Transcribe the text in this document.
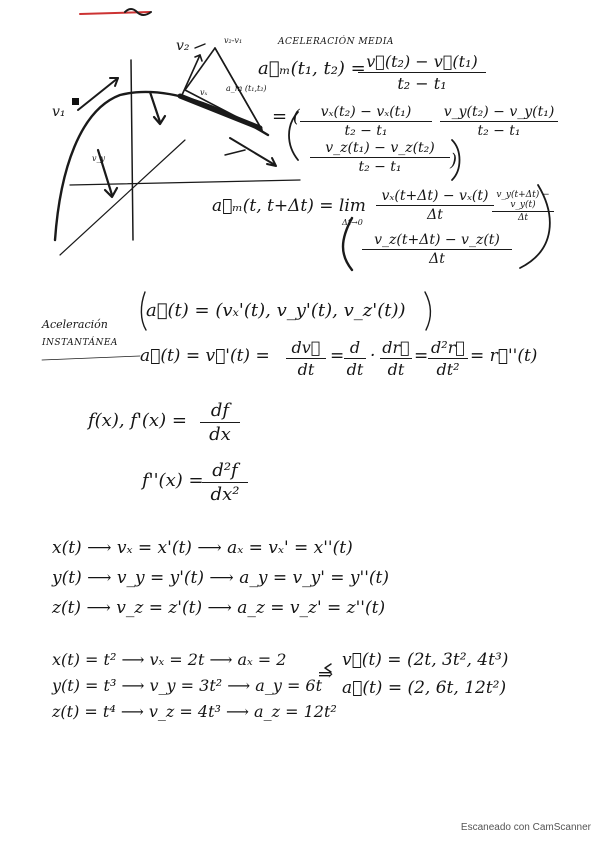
v₂
v₁
v₂-v₁	ACELERACIÓN MEDIA
a_m (t₁,t₂)
vₓ
v_y
a⃗ₘ(t₁, t₂) = v⃗(t₂) − v⃗(t₁)
t₂ − t₁
= (	vₓ(t₂) − vₓ(t₁)
t₂ − t₁
v_y(t₂) − v_y(t₁)
t₂ − t₁
v_z(t₁) − v_z(t₂)
t₂ − t₁	)
a⃗ₘ(t, t+Δt) = lim
Δt→0
vₓ(t+Δt) − vₓ(t)
Δt
v_y(t+Δt) − v_y(t)
Δt
v_z(t+Δt) − v_z(t)
Δt
Aceleración
INSTANTÁNEA
a⃗(t) = (vₓ'(t), v_y'(t), v_z'(t))
a⃗(t) = v⃗'(t) =	dv⃗
dt
= d
dt
· dr⃗
dt
= d²r⃗
dt²
= r⃗''(t)
f(x), f'(x) =	df
dx
f''(x) = d²f
dx²
x(t) ⟶ vₓ = x'(t) ⟶ aₓ = vₓ' = x''(t)
y(t) ⟶ v_y = y'(t) ⟶ a_y = v_y' = y''(t)
z(t) ⟶ v_z = z'(t) ⟶ a_z = v_z' = z''(t)
x(t) = t² ⟶ vₓ = 2t ⟶ aₓ = 2
y(t) = t³ ⟶ v_y = 3t² ⟶ a_y = 6t
z(t) = t⁴ ⟶ v_z = 4t³ ⟶ a_z = 12t²
⇒
v⃗(t) = (2t, 3t², 4t³)
a⃗(t) = (2, 6t, 12t²)
Escaneado con CamScanner
